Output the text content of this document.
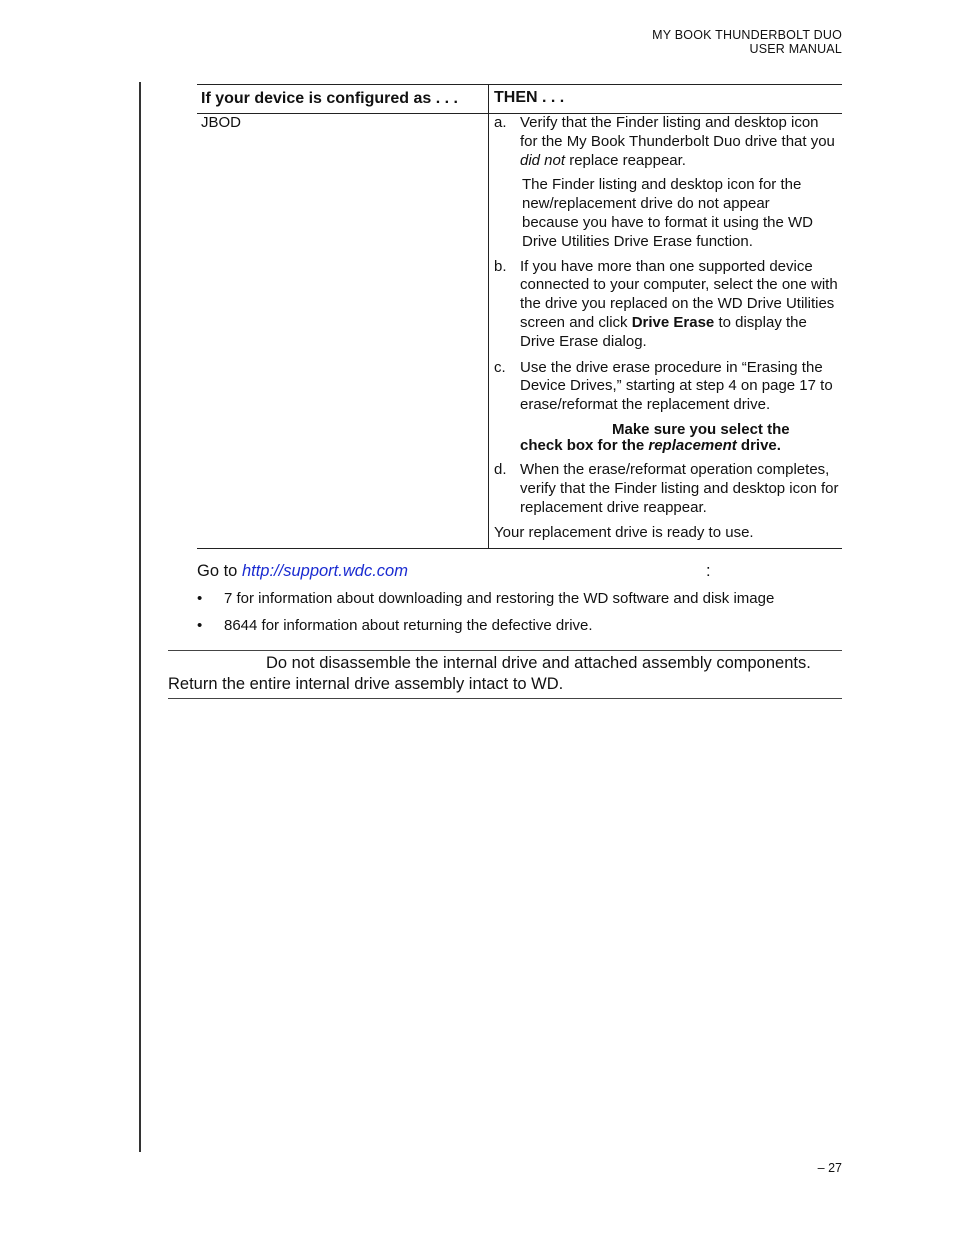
MY BOOK THUNDERBOLT DUO
USER MANUAL
If your device is configured as . . .	THEN . . .
JBOD	a. Verify that the Finder listing and desktop icon for the My Book Thunderbolt Duo drive that you did not replace reappear.
The Finder listing and desktop icon for the new/replacement drive do not appear because you have to format it using the WD Drive Utilities Drive Erase function.
b. If you have more than one supported device connected to your computer, select the one with the drive you replaced on the WD Drive Utilities screen and click Drive Erase to display the Drive Erase dialog.
c. Use the drive erase procedure in “Erasing the Device Drives,” starting at step 4 on page 17 to erase/reformat the replacement drive.
Make sure you select the
check box for the replacement drive.
d. When the erase/reformat operation completes, verify that the Finder listing and desktop icon for replacement drive reappear.
Your replacement drive is ready to use.
Go to http://support.wdc.com	:
•	7 for information about downloading and restoring the WD software and disk image
•	8644 for information about returning the defective drive.
Do not disassemble the internal drive and attached assembly components.
Return the entire internal drive assembly intact to WD.
– 27
